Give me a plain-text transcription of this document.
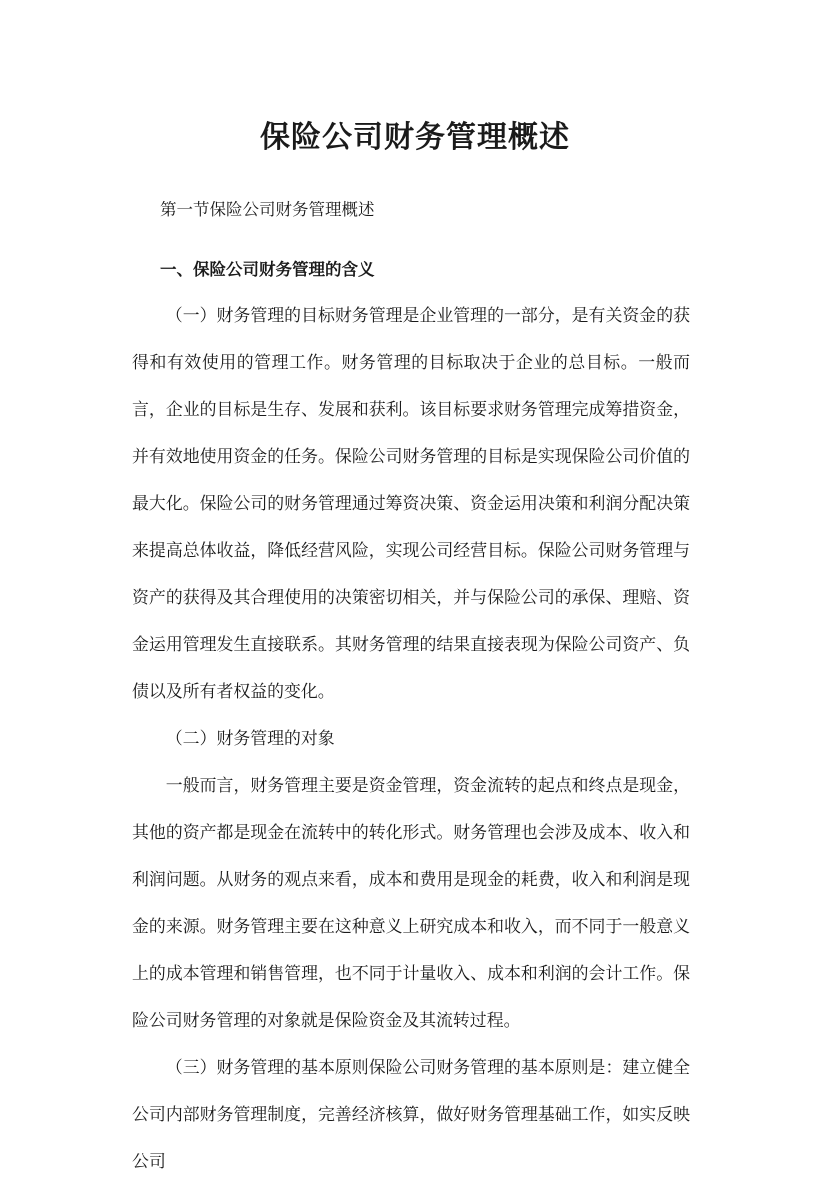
保险公司财务管理概述

第一节保险公司财务管理概述

一、保险公司财务管理的含义

（一）财务管理的目标财务管理是企业管理的一部分，是有关资金的获得和有效使用的管理工作。财务管理的目标取决于企业的总目标。一般而言，企业的目标是生存、发展和获利。该目标要求财务管理完成筹措资金，并有效地使用资金的任务。保险公司财务管理的目标是实现保险公司价值的最大化。保险公司的财务管理通过筹资决策、资金运用决策和利润分配决策来提高总体收益，降低经营风险，实现公司经营目标。保险公司财务管理与资产的获得及其合理使用的决策密切相关，并与保险公司的承保、理赔、资金运用管理发生直接联系。其财务管理的结果直接表现为保险公司资产、负债以及所有者权益的变化。

（二）财务管理的对象

一般而言，财务管理主要是资金管理，资金流转的起点和终点是现金，其他的资产都是现金在流转中的转化形式。财务管理也会涉及成本、收入和利润问题。从财务的观点来看，成本和费用是现金的耗费，收入和利润是现金的来源。财务管理主要在这种意义上研究成本和收入，而不同于一般意义上的成本管理和销售管理，也不同于计量收入、成本和利润的会计工作。保险公司财务管理的对象就是保险资金及其流转过程。

（三）财务管理的基本原则保险公司财务管理的基本原则是：建立健全公司内部财务管理制度，完善经济核算，做好财务管理基础工作，如实反映公司
